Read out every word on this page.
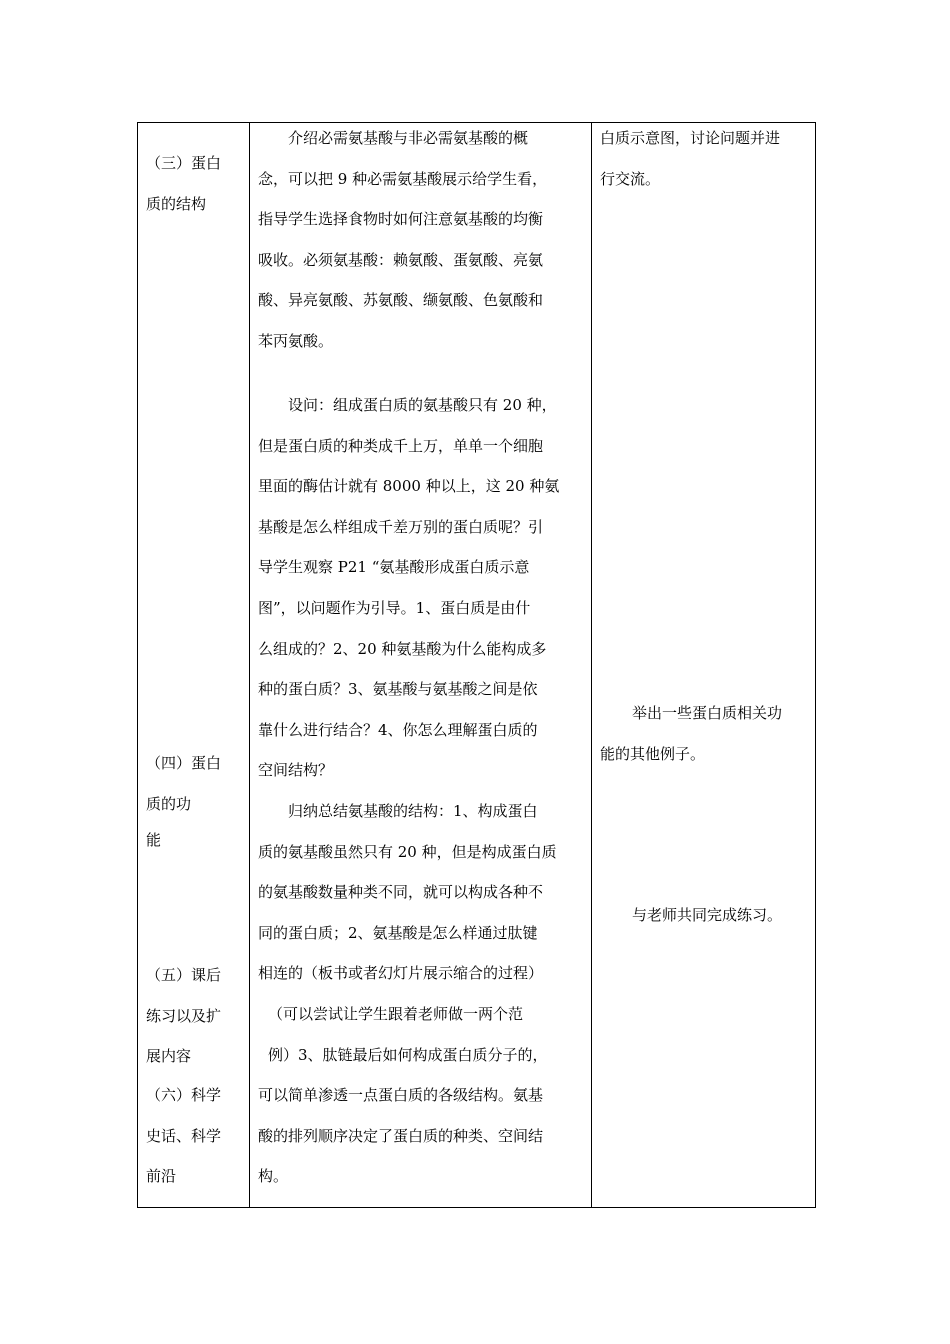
（三）蛋白
质的结构
（四）蛋白
质的功
能
（五）课后
练习以及扩
展内容
（六）科学
史话、科学
前沿
介绍必需氨基酸与非必需氨基酸的概
念，可以把 9 种必需氨基酸展示给学生看，
指导学生选择食物时如何注意氨基酸的均衡
吸收。必须氨基酸：赖氨酸、蛋氨酸、亮氨
酸、异亮氨酸、苏氨酸、缬氨酸、色氨酸和
苯丙氨酸。
设问：组成蛋白质的氨基酸只有 20 种，
但是蛋白质的种类成千上万，单单一个细胞
里面的酶估计就有 8000 种以上，这 20 种氨
基酸是怎么样组成千差万别的蛋白质呢？引
导学生观察 P21 “氨基酸形成蛋白质示意
图”，以问题作为引导。1、蛋白质是由什
么组成的？2、20 种氨基酸为什么能构成多
种的蛋白质？3、氨基酸与氨基酸之间是依
靠什么进行结合？4、你怎么理解蛋白质的
空间结构？
归纳总结氨基酸的结构：1、构成蛋白
质的氨基酸虽然只有 20 种，但是构成蛋白质
的氨基酸数量种类不同，就可以构成各种不
同的蛋白质；2、氨基酸是怎么样通过肽键
相连的（板书或者幻灯片展示缩合的过程）
（可以尝试让学生跟着老师做一两个范
例）3、肽链最后如何构成蛋白质分子的，
可以简单渗透一点蛋白质的各级结构。氨基
酸的排列顺序决定了蛋白质的种类、空间结
构。
白质示意图，讨论问题并进
行交流。
举出一些蛋白质相关功
能的其他例子。
与老师共同完成练习。
